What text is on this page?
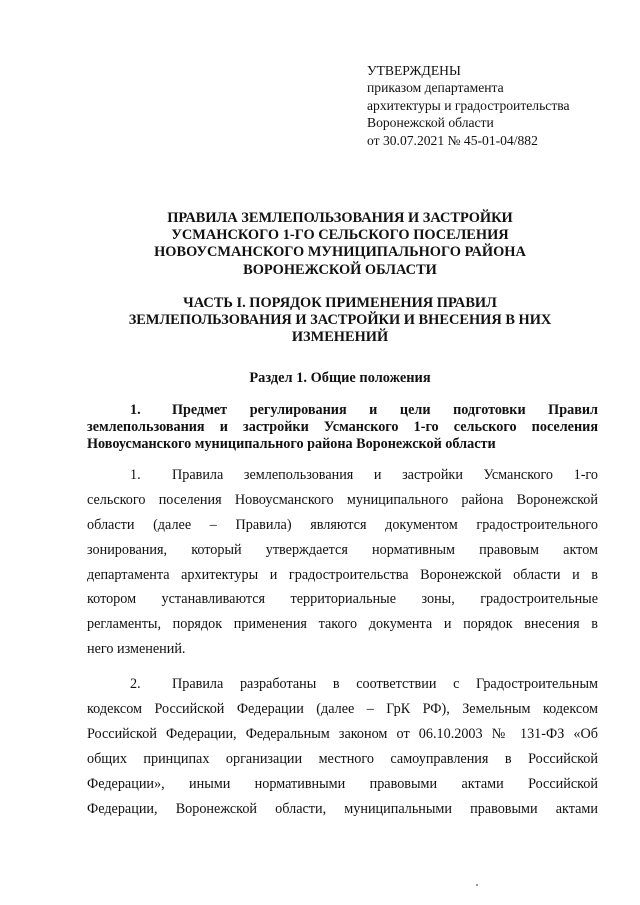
УТВЕРЖДЕНЫ
приказом департамента
архитектуры и градостроительства
Воронежской области
от 30.07.2021 № 45-01-04/882
ПРАВИЛА ЗЕМЛЕПОЛЬЗОВАНИЯ И ЗАСТРОЙКИ
УСМАНСКОГО 1-ГО СЕЛЬСКОГО ПОСЕЛЕНИЯ
НОВОУСМАНСКОГО МУНИЦИПАЛЬНОГО РАЙОНА
ВОРОНЕЖСКОЙ ОБЛАСТИ
ЧАСТЬ I. ПОРЯДОК ПРИМЕНЕНИЯ ПРАВИЛ
ЗЕМЛЕПОЛЬЗОВАНИЯ И ЗАСТРОЙКИ И ВНЕСЕНИЯ В НИХ
ИЗМЕНЕНИЙ
Раздел 1. Общие положения
1. Предмет регулирования и цели подготовки Правил
землепользования и застройки Усманского 1-го сельского поселения
Новоусманского муниципального района Воронежской области
1. Правила землепользования и застройки Усманского 1-го
сельского поселения Новоусманского муниципального района Воронежской
области (далее – Правила) являются документом градостроительного
зонирования, который утверждается нормативным правовым актом
департамента архитектуры и градостроительства Воронежской области и в
котором устанавливаются территориальные зоны, градостроительные
регламенты, порядок применения такого документа и порядок внесения в
него изменений.
2. Правила разработаны в соответствии с Градостроительным
кодексом Российской Федерации (далее – ГрК РФ), Земельным кодексом
Российской Федерации, Федеральным законом от 06.10.2003 № 131-ФЗ «Об
общих принципах организации местного самоуправления в Российской
Федерации», иными нормативными правовыми актами Российской
Федерации, Воронежской области, муниципальными правовыми актами
